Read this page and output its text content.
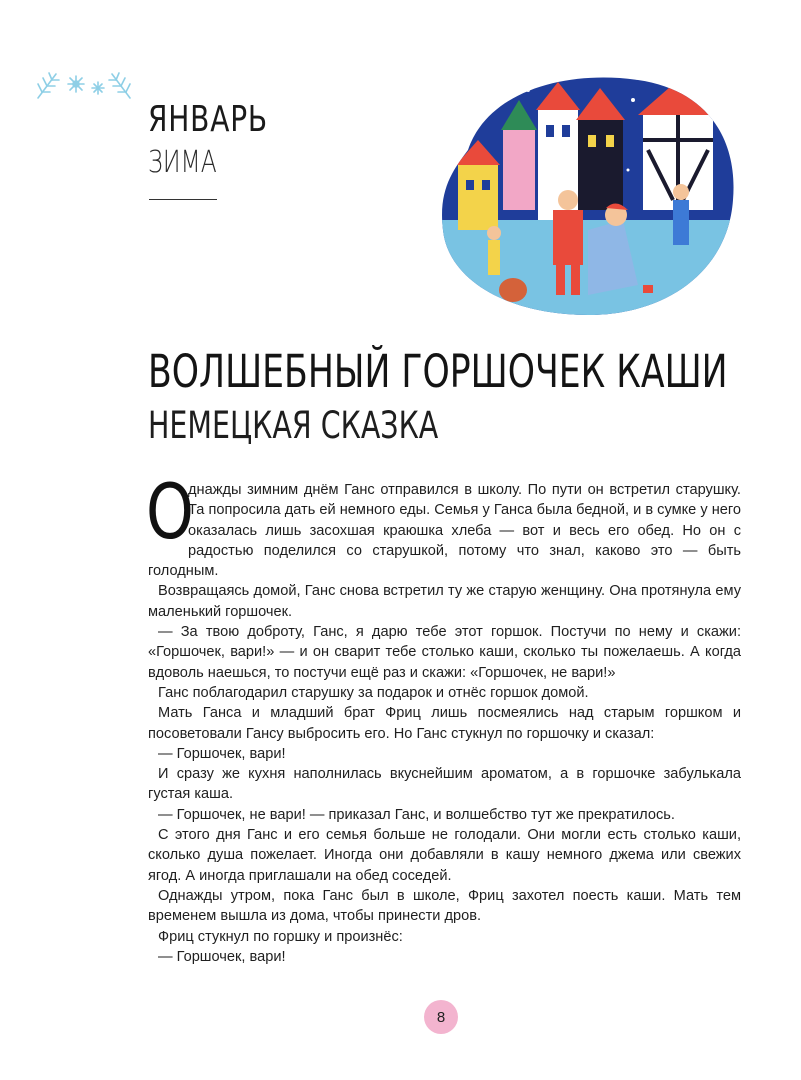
ЯНВАРЬ
ЗИМА
ВОЛШЕБНЫЙ ГОРШОЧЕК КАШИ
НЕМЕЦКАЯ СКАЗКА

О
днажды зимним днём Ганс отправился в школу. По пути он встретил старушку. Та попросила дать ей немного еды. Семья у Ганса была бедной, и в сумке у него оказалась лишь засохшая краюшка хлеба — вот и весь его обед. Но он с радостью поделился со старушкой, потому что знал, каково это — быть голодным.

Возвращаясь домой, Ганс снова встретил ту же старую женщину. Она протянула ему маленький горшочек.

— За твою доброту, Ганс, я дарю тебе этот горшок. Постучи по нему и скажи: «Горшочек, вари!» — и он сварит тебе столько каши, сколько ты пожелаешь. А когда вдоволь наешься, то постучи ещё раз и скажи: «Горшочек, не вари!»

Ганс поблагодарил старушку за подарок и отнёс горшок домой.

Мать Ганса и младший брат Фриц лишь посмеялись над старым горшком и посоветовали Гансу выбросить его. Но Ганс стукнул по горшочку и сказал:

— Горшочек, вари!

И сразу же кухня наполнилась вкуснейшим ароматом, а в горшочке забулькала густая каша.

— Горшочек, не вари! — приказал Ганс, и волшебство тут же прекратилось.

С этого дня Ганс и его семья больше не голодали. Они могли есть столько каши, сколько душа пожелает. Иногда они добавляли в кашу немного джема или свежих ягод. А иногда приглашали на обед соседей.

Однажды утром, пока Ганс был в школе, Фриц захотел поесть каши. Мать тем временем вышла из дома, чтобы принести дров.

Фриц стукнул по горшку и произнёс:

— Горшочек, вари!

8
